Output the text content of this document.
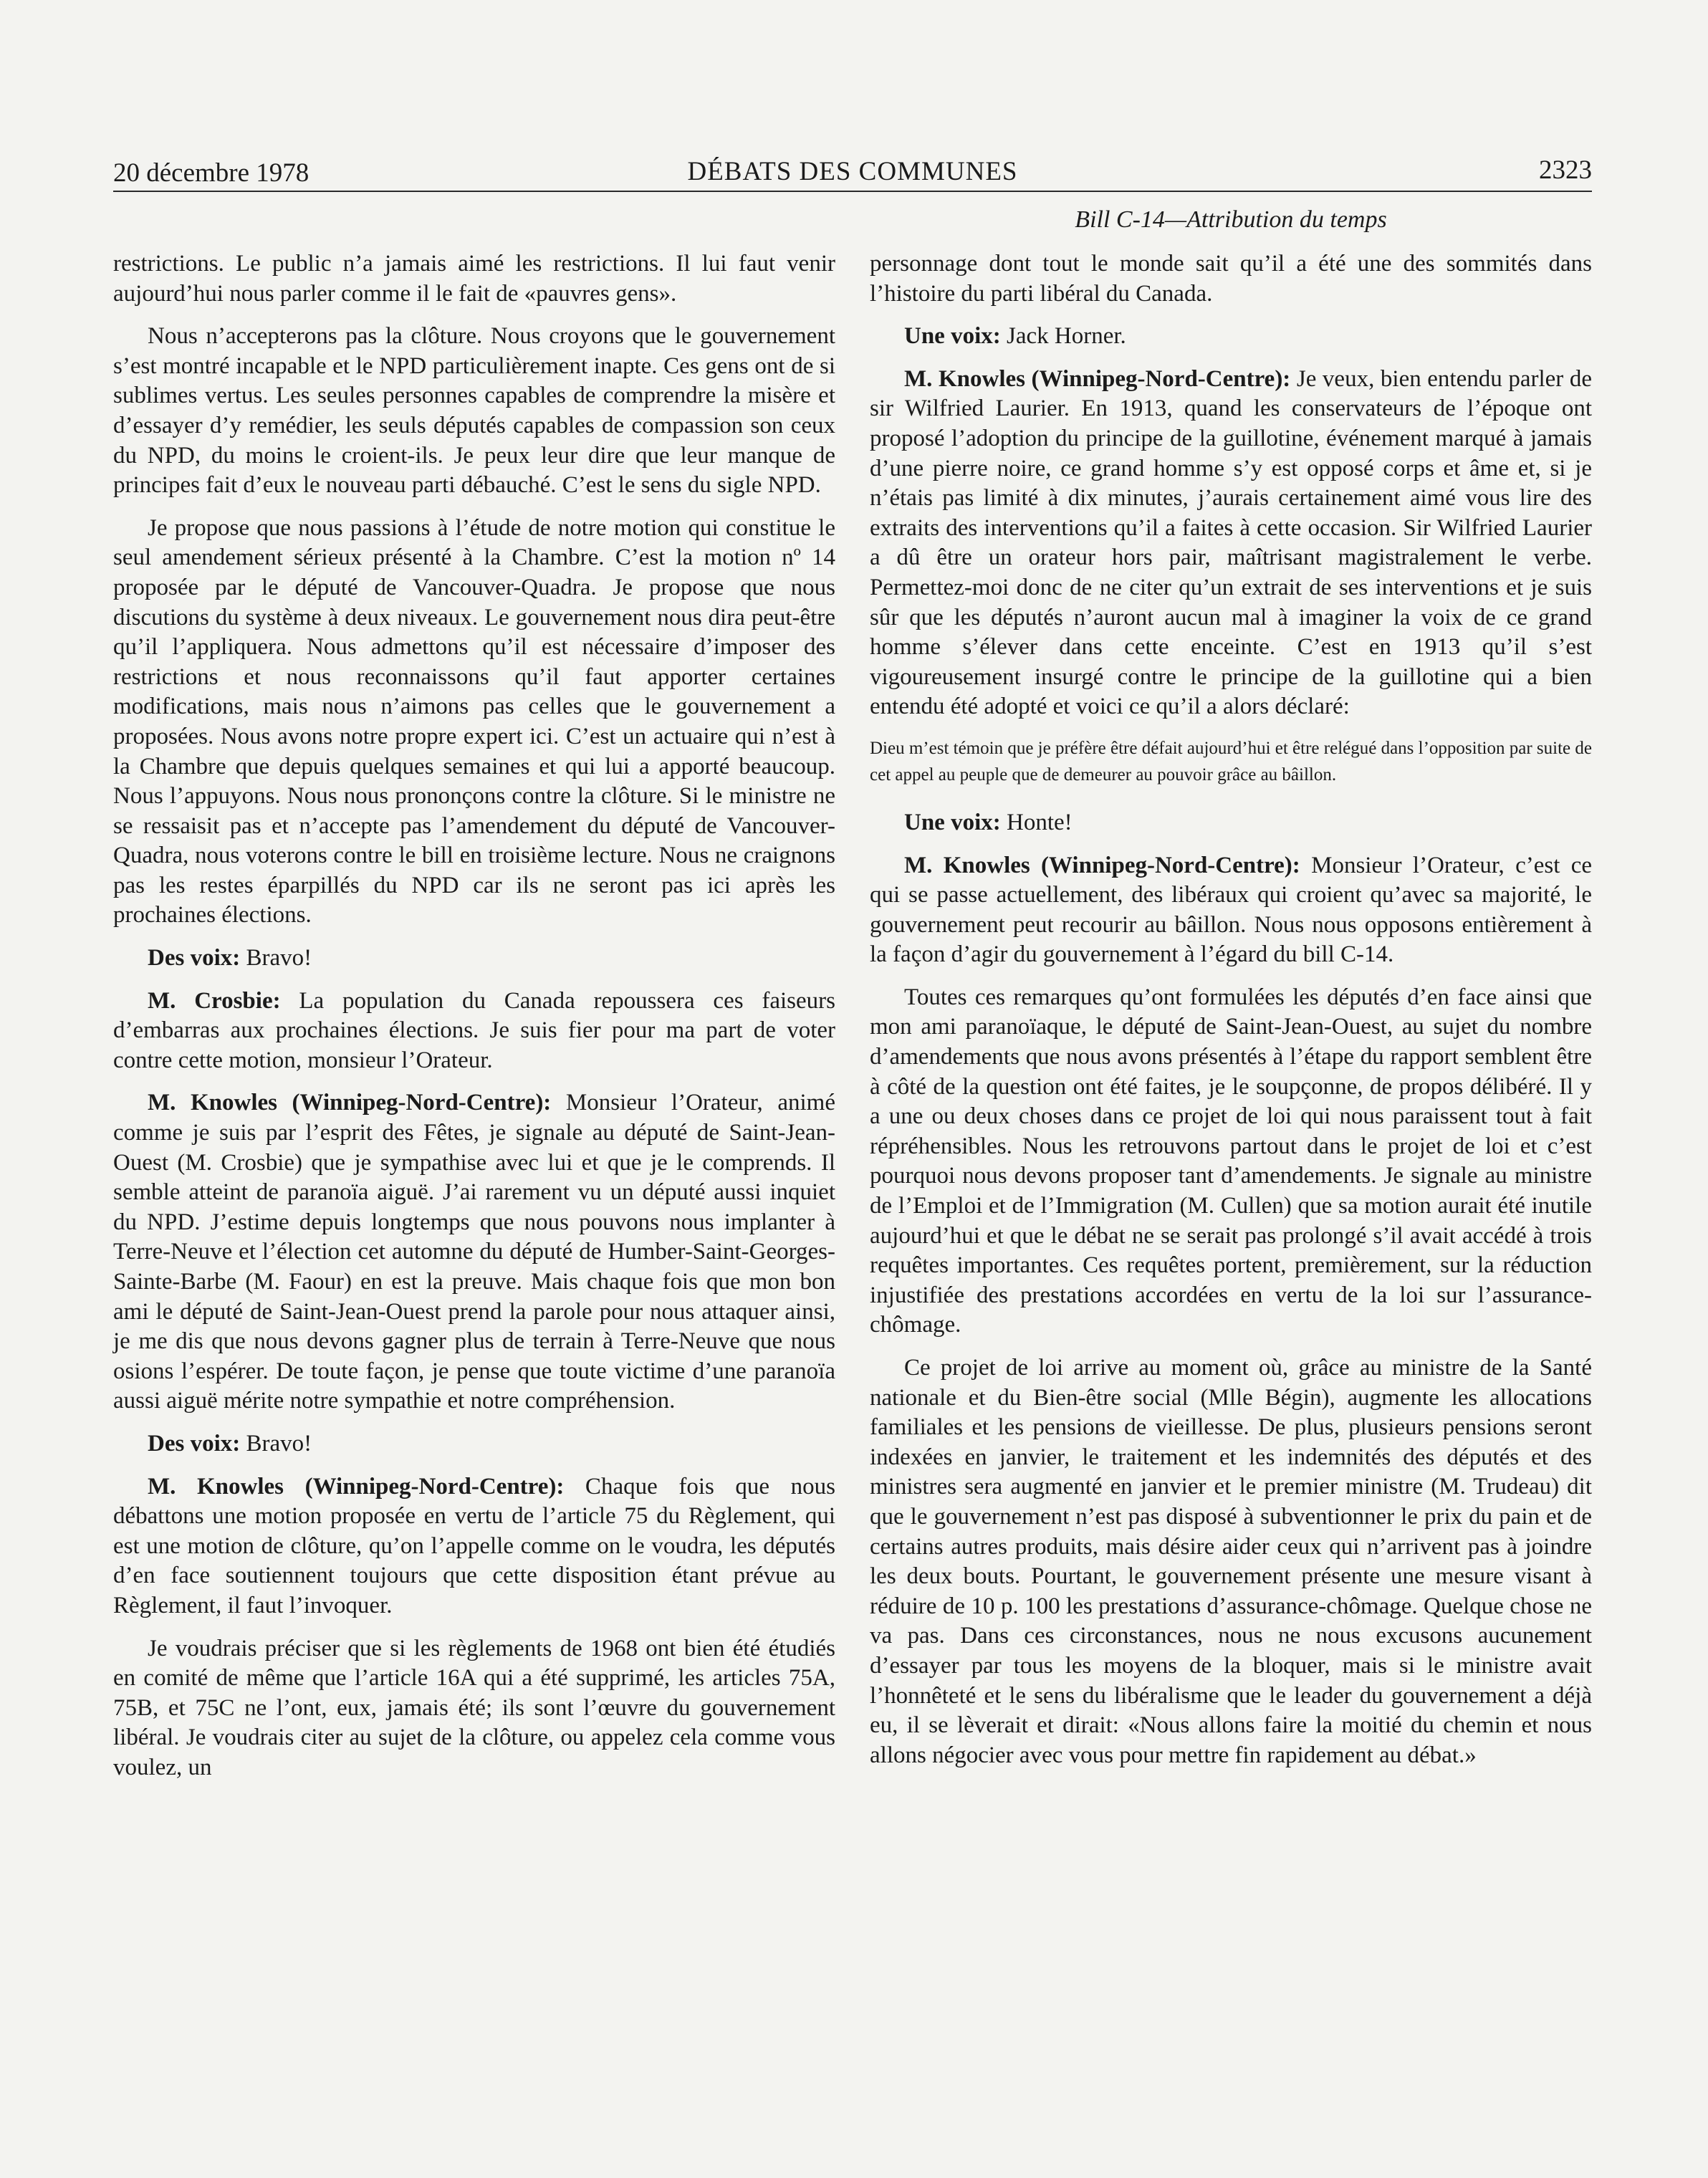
20 décembre 1978	DÉBATS DES COMMUNES	2323
Bill C-14—Attribution du temps

restrictions. Le public n’a jamais aimé les restrictions. Il lui faut venir aujourd’hui nous parler comme il le fait de «pauvres gens».

Nous n’accepterons pas la clôture. Nous croyons que le gouvernement s’est montré incapable et le NPD particulièrement inapte. Ces gens ont de si sublimes vertus. Les seules personnes capables de comprendre la misère et d’essayer d’y remédier, les seuls députés capables de compassion son ceux du NPD, du moins le croient-ils. Je peux leur dire que leur manque de principes fait d’eux le nouveau parti débauché. C’est le sens du sigle NPD.

Je propose que nous passions à l’étude de notre motion qui constitue le seul amendement sérieux présenté à la Chambre. C’est la motion nº 14 proposée par le député de Vancouver-Quadra. Je propose que nous discutions du système à deux niveaux. Le gouvernement nous dira peut-être qu’il l’appliquera. Nous admettons qu’il est nécessaire d’imposer des restrictions et nous reconnaissons qu’il faut apporter certaines modifications, mais nous n’aimons pas celles que le gouvernement a proposées. Nous avons notre propre expert ici. C’est un actuaire qui n’est à la Chambre que depuis quelques semaines et qui lui a apporté beaucoup. Nous l’appuyons. Nous nous prononçons contre la clôture. Si le ministre ne se ressaisit pas et n’accepte pas l’amendement du député de Vancouver-Quadra, nous voterons contre le bill en troisième lecture. Nous ne craignons pas les restes éparpillés du NPD car ils ne seront pas ici après les prochaines élections.

Des voix: Bravo!

M. Crosbie: La population du Canada repoussera ces faiseurs d’embarras aux prochaines élections. Je suis fier pour ma part de voter contre cette motion, monsieur l’Orateur.

M. Knowles (Winnipeg-Nord-Centre): Monsieur l’Orateur, animé comme je suis par l’esprit des Fêtes, je signale au député de Saint-Jean-Ouest (M. Crosbie) que je sympathise avec lui et que je le comprends. Il semble atteint de paranoïa aiguë. J’ai rarement vu un député aussi inquiet du NPD. J’estime depuis longtemps que nous pouvons nous implanter à Terre-Neuve et l’élection cet automne du député de Humber-Saint-Georges-Sainte-Barbe (M. Faour) en est la preuve. Mais chaque fois que mon bon ami le député de Saint-Jean-Ouest prend la parole pour nous attaquer ainsi, je me dis que nous devons gagner plus de terrain à Terre-Neuve que nous osions l’espérer. De toute façon, je pense que toute victime d’une paranoïa aussi aiguë mérite notre sympathie et notre compréhension.

Des voix: Bravo!

M. Knowles (Winnipeg-Nord-Centre): Chaque fois que nous débattons une motion proposée en vertu de l’article 75 du Règlement, qui est une motion de clôture, qu’on l’appelle comme on le voudra, les députés d’en face soutiennent toujours que cette disposition étant prévue au Règlement, il faut l’invoquer.

Je voudrais préciser que si les règlements de 1968 ont bien été étudiés en comité de même que l’article 16A qui a été supprimé, les articles 75A, 75B, et 75C ne l’ont, eux, jamais été; ils sont l’œuvre du gouvernement libéral. Je voudrais citer au sujet de la clôture, ou appelez cela comme vous voulez, un

personnage dont tout le monde sait qu’il a été une des sommités dans l’histoire du parti libéral du Canada.

Une voix: Jack Horner.

M. Knowles (Winnipeg-Nord-Centre): Je veux, bien entendu parler de sir Wilfried Laurier. En 1913, quand les conservateurs de l’époque ont proposé l’adoption du principe de la guillotine, événement marqué à jamais d’une pierre noire, ce grand homme s’y est opposé corps et âme et, si je n’étais pas limité à dix minutes, j’aurais certainement aimé vous lire des extraits des interventions qu’il a faites à cette occasion. Sir Wilfried Laurier a dû être un orateur hors pair, maîtrisant magistralement le verbe. Permettez-moi donc de ne citer qu’un extrait de ses interventions et je suis sûr que les députés n’auront aucun mal à imaginer la voix de ce grand homme s’élever dans cette enceinte. C’est en 1913 qu’il s’est vigoureusement insurgé contre le principe de la guillotine qui a bien entendu été adopté et voici ce qu’il a alors déclaré:

Dieu m’est témoin que je préfère être défait aujourd’hui et être relégué dans l’opposition par suite de cet appel au peuple que de demeurer au pouvoir grâce au bâillon.

Une voix: Honte!

M. Knowles (Winnipeg-Nord-Centre): Monsieur l’Orateur, c’est ce qui se passe actuellement, des libéraux qui croient qu’avec sa majorité, le gouvernement peut recourir au bâillon. Nous nous opposons entièrement à la façon d’agir du gouvernement à l’égard du bill C-14.

Toutes ces remarques qu’ont formulées les députés d’en face ainsi que mon ami paranoïaque, le député de Saint-Jean-Ouest, au sujet du nombre d’amendements que nous avons présentés à l’étape du rapport semblent être à côté de la question ont été faites, je le soupçonne, de propos délibéré. Il y a une ou deux choses dans ce projet de loi qui nous paraissent tout à fait répréhensibles. Nous les retrouvons partout dans le projet de loi et c’est pourquoi nous devons proposer tant d’amendements. Je signale au ministre de l’Emploi et de l’Immigration (M. Cullen) que sa motion aurait été inutile aujourd’hui et que le débat ne se serait pas prolongé s’il avait accédé à trois requêtes importantes. Ces requêtes portent, premièrement, sur la réduction injustifiée des prestations accordées en vertu de la loi sur l’assurance-chômage.

Ce projet de loi arrive au moment où, grâce au ministre de la Santé nationale et du Bien-être social (Mlle Bégin), augmente les allocations familiales et les pensions de vieillesse. De plus, plusieurs pensions seront indexées en janvier, le traitement et les indemnités des députés et des ministres sera augmenté en janvier et le premier ministre (M. Trudeau) dit que le gouvernement n’est pas disposé à subventionner le prix du pain et de certains autres produits, mais désire aider ceux qui n’arrivent pas à joindre les deux bouts. Pourtant, le gouvernement présente une mesure visant à réduire de 10 p. 100 les prestations d’assurance-chômage. Quelque chose ne va pas. Dans ces circonstances, nous ne nous excusons aucunement d’essayer par tous les moyens de la bloquer, mais si le ministre avait l’honnêteté et le sens du libéralisme que le leader du gouvernement a déjà eu, il se lèverait et dirait: «Nous allons faire la moitié du chemin et nous allons négocier avec vous pour mettre fin rapidement au débat.»
